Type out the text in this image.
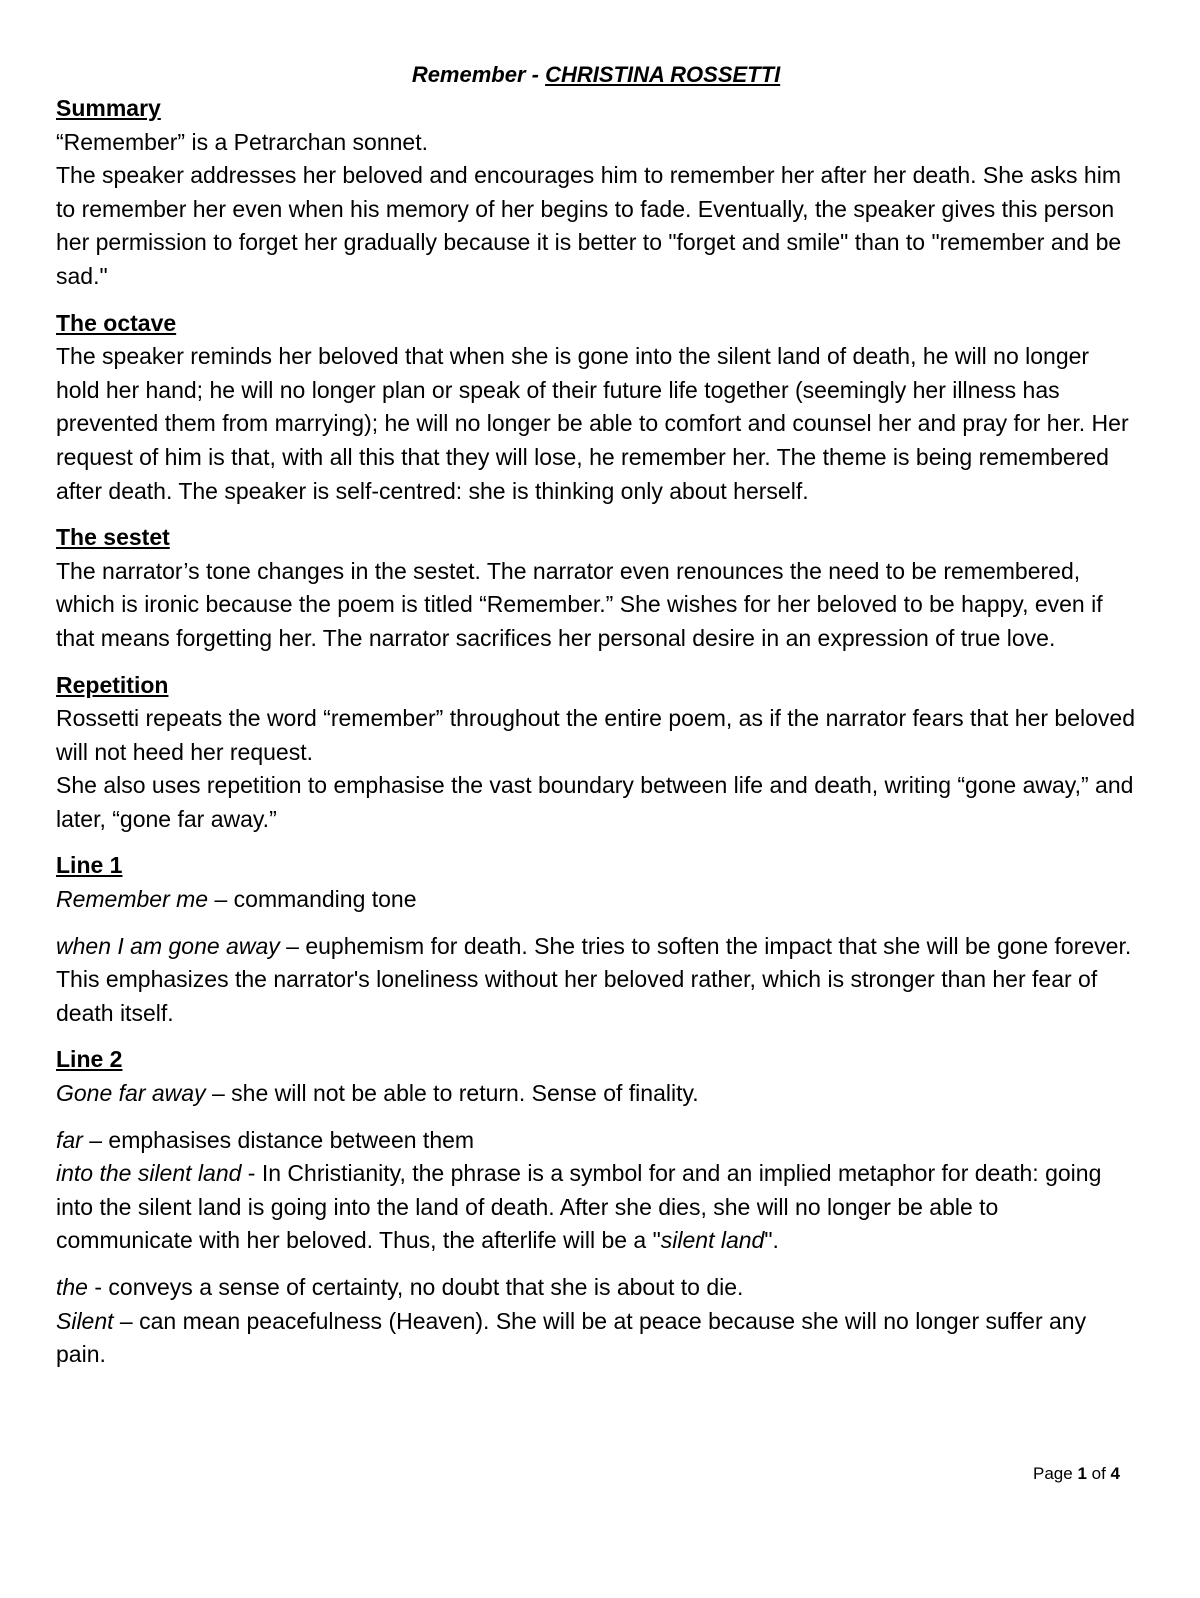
Remember - CHRISTINA ROSSETTI
Summary

“Remember” is a Petrarchan sonnet.

The speaker addresses her beloved and encourages him to remember her after her death. She asks him to remember her even when his memory of her begins to fade. Eventually, the speaker gives this person her permission to forget her gradually because it is better to "forget and smile" than to "remember and be sad."

The octave

The speaker reminds her beloved that when she is gone into the silent land of death, he will no longer hold her hand; he will no longer plan or speak of their future life together (seemingly her illness has prevented them from marrying); he will no longer be able to comfort and counsel her and pray for her. Her request of him is that, with all this that they will lose, he remember her. The theme is being remembered after death. The speaker is self-centred: she is thinking only about herself.

The sestet

The narrator’s tone changes in the sestet. The narrator even renounces the need to be remembered, which is ironic because the poem is titled “Remember.” She wishes for her beloved to be happy, even if that means forgetting her. The narrator sacrifices her personal desire in an expression of true love.

Repetition

Rossetti repeats the word “remember” throughout the entire poem, as if the narrator fears that her beloved will not heed her request.

She also uses repetition to emphasise the vast boundary between life and death, writing “gone away,” and later, “gone far away.”

Line 1

Remember me – commanding tone

when I am gone away – euphemism for death. She tries to soften the impact that she will be gone forever. This emphasizes the narrator's loneliness without her beloved rather, which is stronger than her fear of death itself.

Line 2

Gone far away – she will not be able to return. Sense of finality.

far – emphasises distance between them

into the silent land - In Christianity, the phrase is a symbol for and an implied metaphor for death: going into the silent land is going into the land of death. After she dies, she will no longer be able to communicate with her beloved. Thus, the afterlife will be a "silent land".

the - conveys a sense of certainty, no doubt that she is about to die.

Silent – can mean peacefulness (Heaven). She will be at peace because she will no longer suffer any pain.

Page 1 of 4
